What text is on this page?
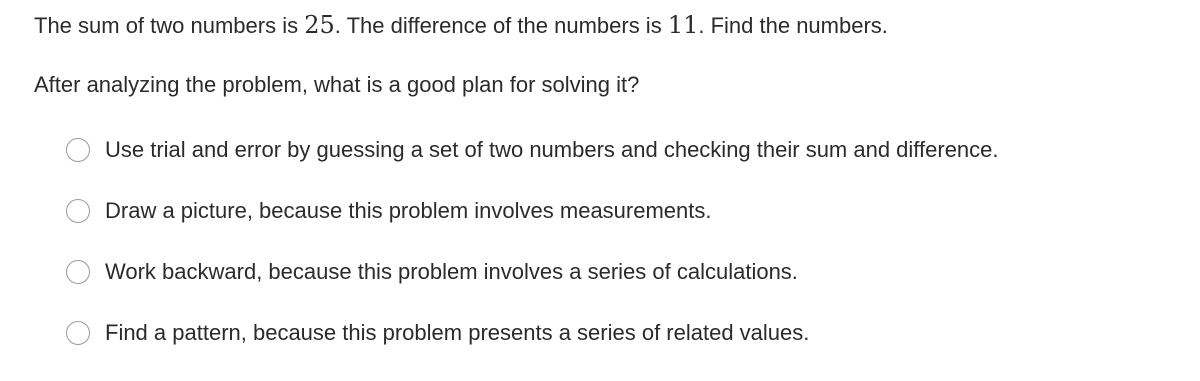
The sum of two numbers is 25. The difference of the numbers is 11. Find the numbers.
After analyzing the problem, what is a good plan for solving it?
Use trial and error by guessing a set of two numbers and checking their sum and difference.
Draw a picture, because this problem involves measurements.
Work backward, because this problem involves a series of calculations.
Find a pattern, because this problem presents a series of related values.
